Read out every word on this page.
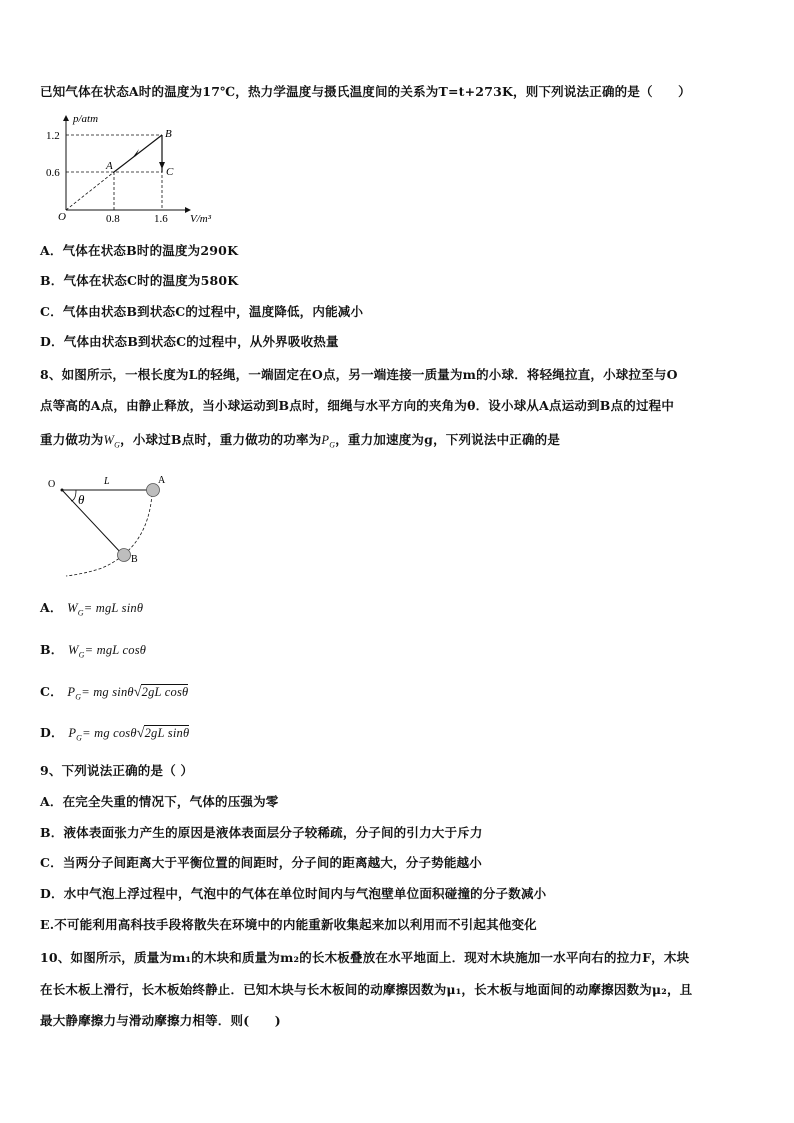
已知气体在状态A时的温度为17℃，热力学温度与摄氏温度间的关系为T=t+273K，则下列说法正确的是（　　）
p/atm
V/m³
O
1.2
0.6
0.8	1.6
A
B
C
A．气体在状态B时的温度为290K
B．气体在状态C时的温度为580K
C．气体由状态B到状态C的过程中，温度降低，内能减小
D．气体由状态B到状态C的过程中，从外界吸收热量
8、如图所示，一根长度为L的轻绳，一端固定在O点，另一端连接一质量为m的小球．将轻绳拉直，小球拉至与O
点等高的A点，由静止释放，当小球运动到B点时，细绳与水平方向的夹角为θ．设小球从A点运动到B点的过程中
重力做功为$W_G$，小球过B点时，重力做功的功率为$P_G$，重力加速度为g，下列说法中正确的是
O	L	A
B
θ
A． $W_G=$ mgL sinθ
B． $W_G=$ mgL cosθ
C． $P_G=$ mg sinθ√2gL cosθ
D． $P_G=$ mg cosθ√2gL sinθ
9、下列说法正确的是（ ）
A．在完全失重的情况下，气体的压强为零
B．液体表面张力产生的原因是液体表面层分子较稀疏，分子间的引力大于斥力
C．当两分子间距离大于平衡位置的间距时，分子间的距离越大，分子势能越小
D．水中气泡上浮过程中，气泡中的气体在单位时间内与气泡壁单位面积碰撞的分子数减小
E.不可能利用高科技手段将散失在环境中的内能重新收集起来加以利用而不引起其他变化
10、如图所示，质量为m₁的木块和质量为m₂的长木板叠放在水平地面上．现对木块施加一水平向右的拉力F，木块
在长木板上滑行，长木板始终静止．已知木块与长木板间的动摩擦因数为μ₁，长木板与地面间的动摩擦因数为μ₂，且
最大静摩擦力与滑动摩擦力相等．则(　　)
